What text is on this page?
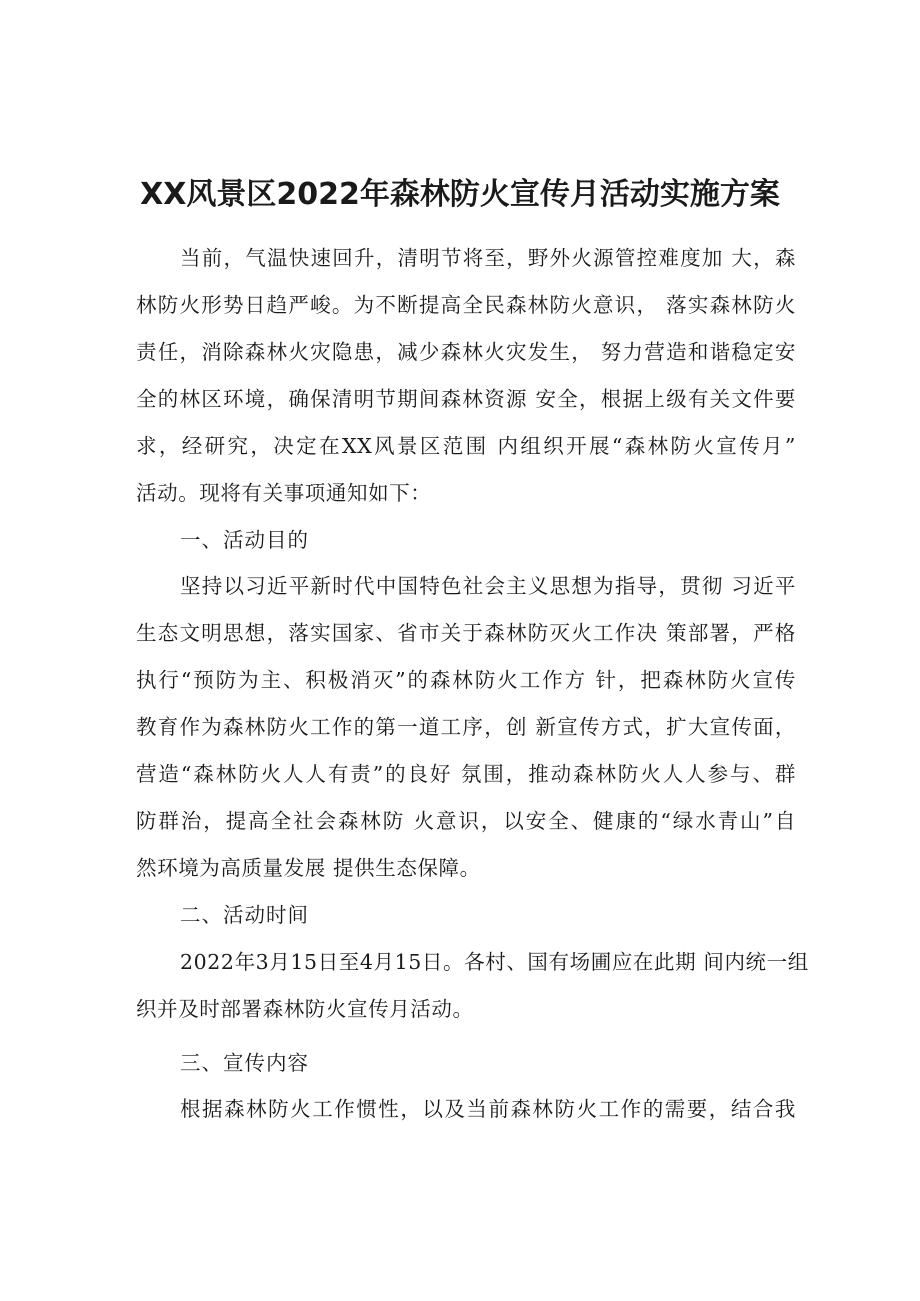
XX风景区2022年森林防火宣传月活动实施方案
当前，气温快速回升，清明节将至，野外火源管控难度加 大，森
林防火形势日趋严峻。为不断提高全民森林防火意识， 落实森林防火
责任，消除森林火灾隐患，减少森林火灾发生， 努力营造和谐稳定安
全的林区环境，确保清明节期间森林资源 安全，根据上级有关文件要
求，经研究，决定在XX风景区范围 内组织开展“森林防火宣传月”
活动。现将有关事项通知如下：
一、活动目的
坚持以习近平新时代中国特色社会主义思想为指导，贯彻 习近平
生态文明思想，落实国家、省市关于森林防灭火工作决 策部署，严格
执行“预防为主、积极消灭”的森林防火工作方 针，把森林防火宣传
教育作为森林防火工作的第一道工序，创 新宣传方式，扩大宣传面，
营造“森林防火人人有责”的良好 氛围，推动森林防火人人参与、群
防群治，提高全社会森林防 火意识，以安全、健康的“绿水青山”自
然环境为高质量发展 提供生态保障。
二、活动时间
2022年3月15日至4月15日。各村、国有场圃应在此期 间内统一组
织并及时部署森林防火宣传月活动。
三、宣传内容
根据森林防火工作惯性，以及当前森林防火工作的需要，结合我
